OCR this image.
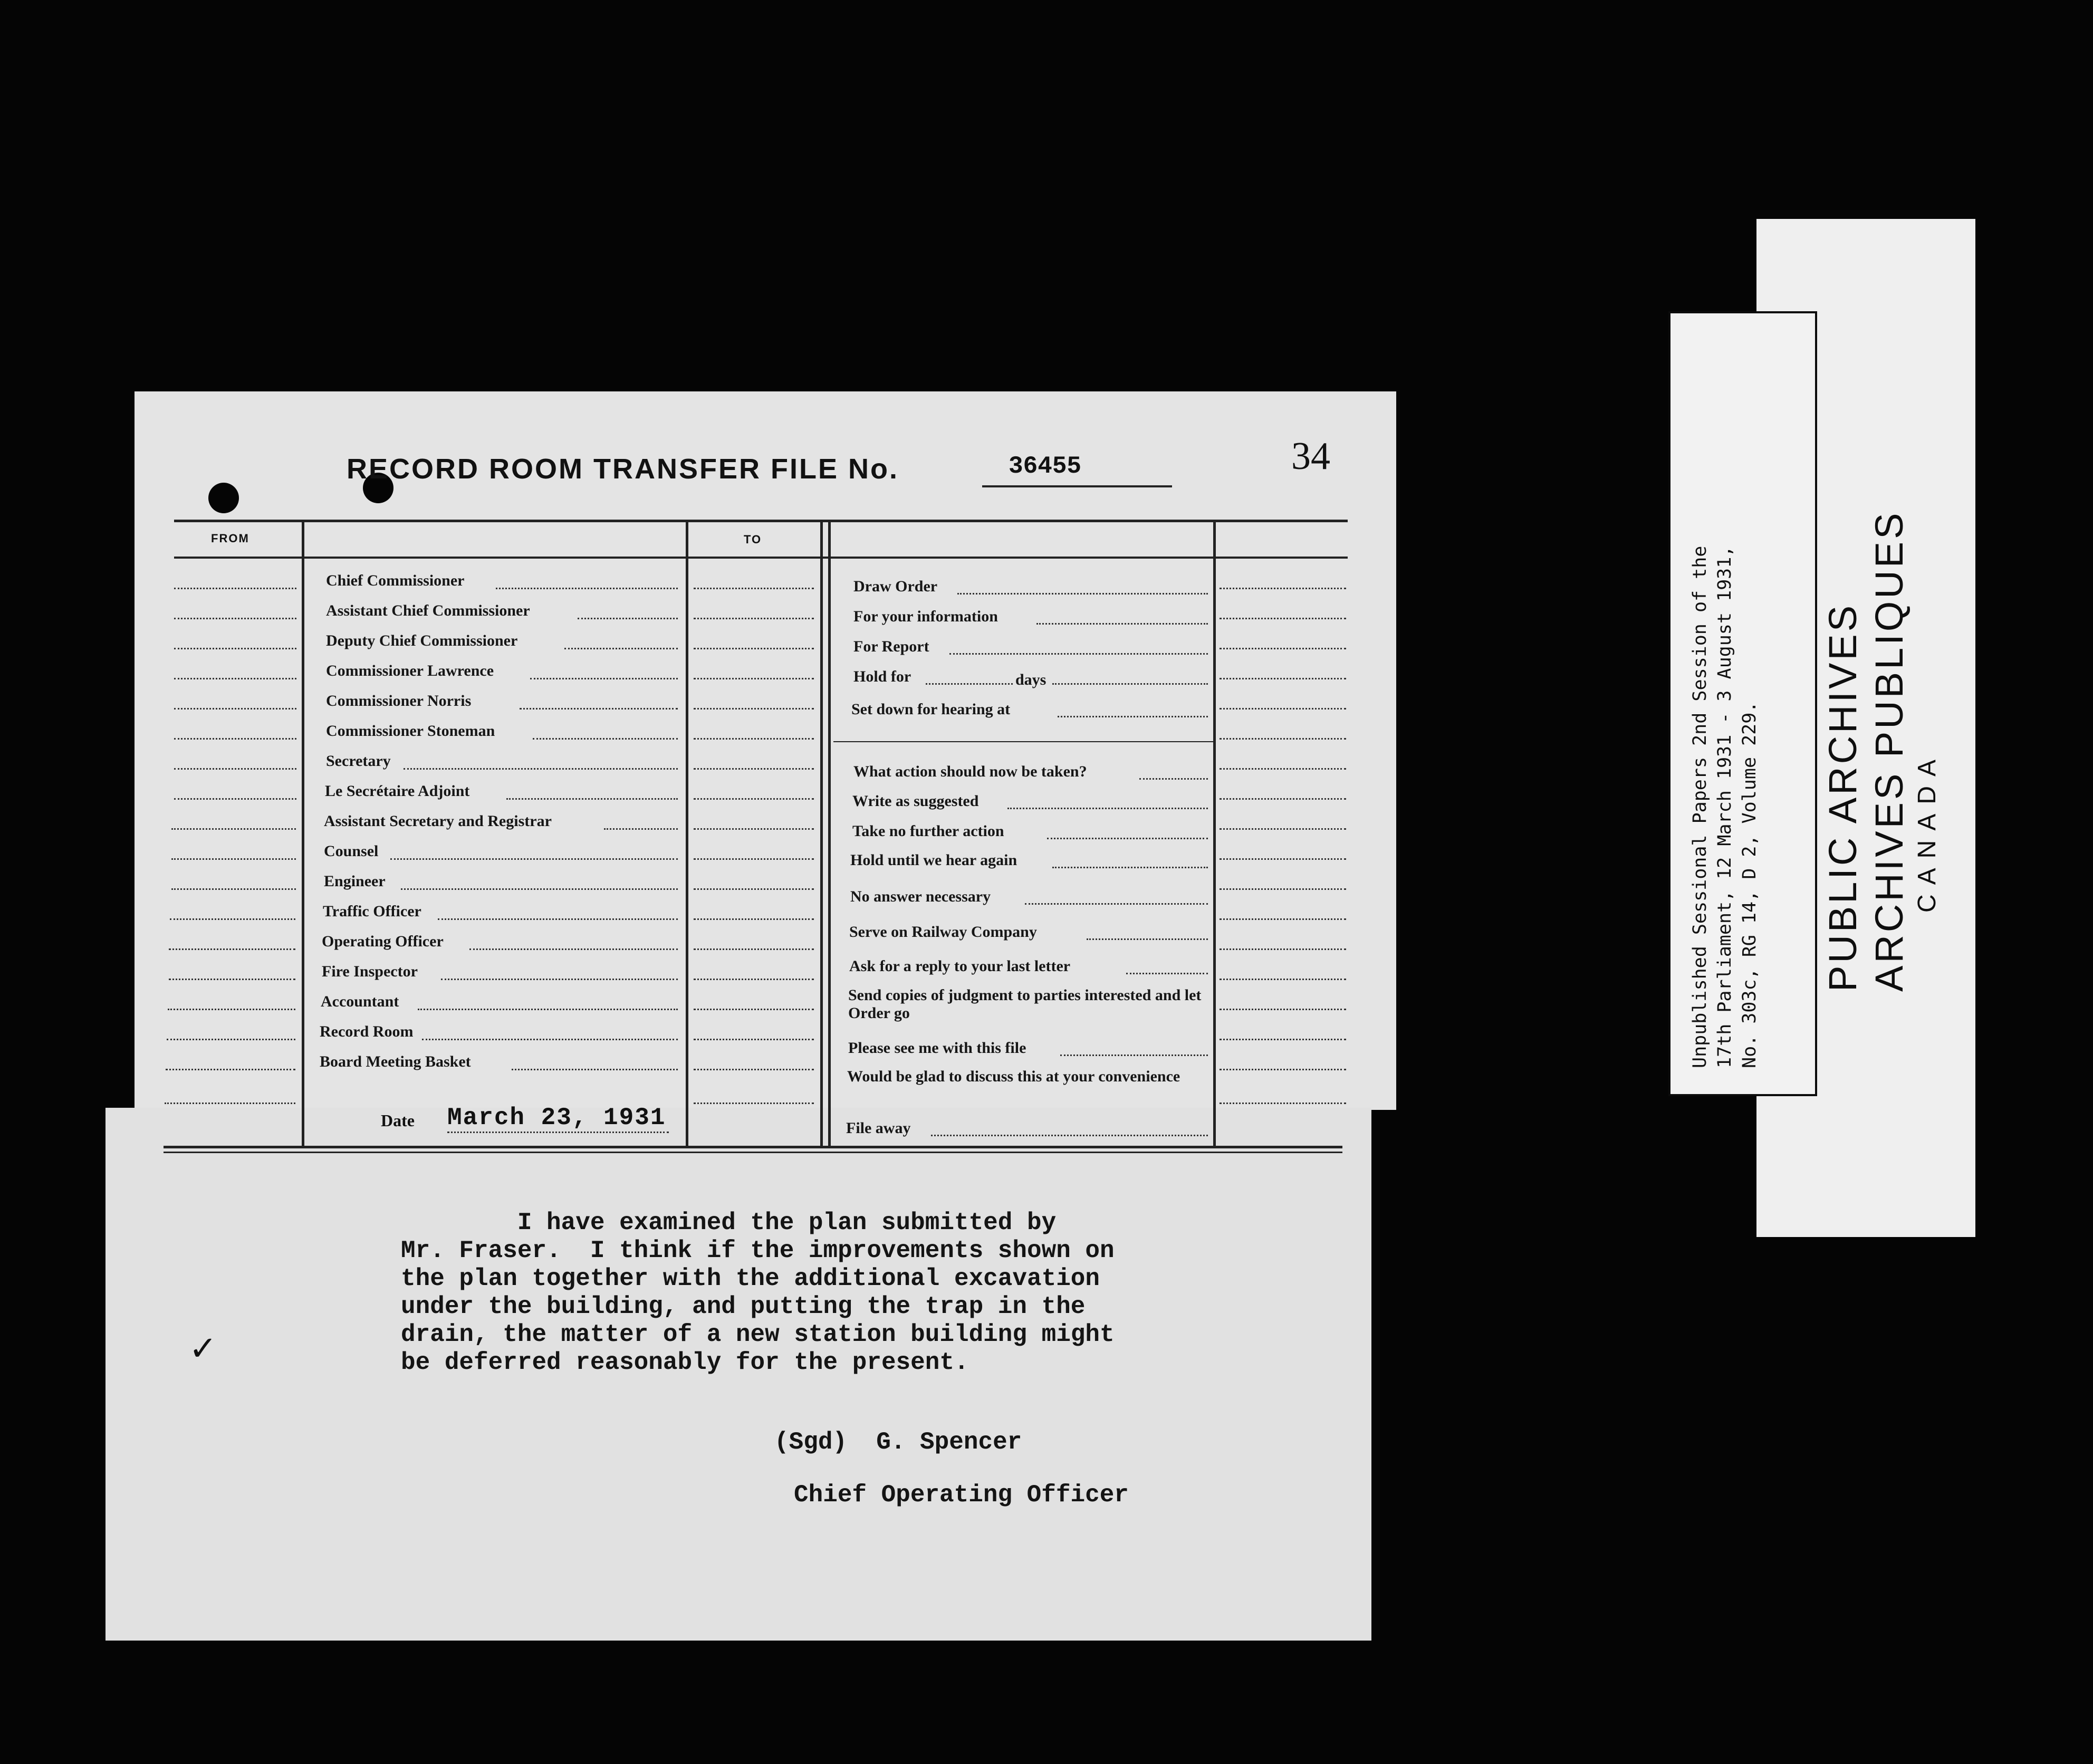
RECORD ROOM TRANSFER FILE No.	36455	34
FROM	TO
Chief Commissioner
Assistant Chief Commissioner
Deputy Chief Commissioner
Commissioner Lawrence
Commissioner Norris
Commissioner Stoneman
Secretary
Le Secrétaire Adjoint
Assistant Secretary and Registrar
Counsel
Engineer
Traffic Officer
Operating Officer
Fire Inspector
Accountant
Record Room
Board Meeting Basket
Draw Order
For your information
For Report
Hold for	days
Set down for hearing at
What action should now be taken?
Write as suggested
Take no further action
Hold until we hear again
No answer necessary
Serve on Railway Company
Ask for a reply to your last letter
Send copies of judgment to parties interested and let Order go
Please see me with this file
Would be glad to discuss this at your convenience
File away
Date March 23, 1931
I have examined the plan submitted by
Mr. Fraser.  I think if the improvements shown on
the plan together with the additional excavation
under the building, and putting the trap in the
drain, the matter of a new station building might
be deferred reasonably for the present.
✓
(Sgd)  G. Spencer
Chief Operating Officer
Unpublished Sessional Papers 2nd Session of the 17th Parliament, 12 March 1931 - 3 August 1931, No. 303c, RG 14, D 2, Volume 229. PUBLIC ARCHIVES ARCHIVES PUBLIQUES CANADA
